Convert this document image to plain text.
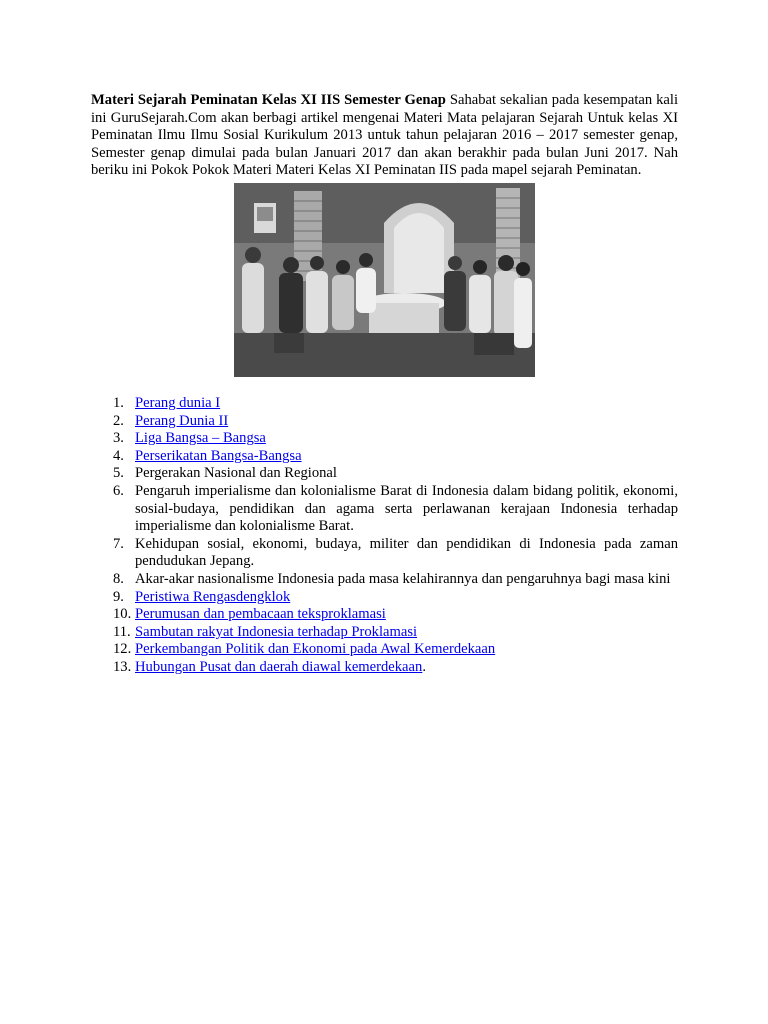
Materi Sejarah Peminatan Kelas XI IIS Semester Genap Sahabat sekalian pada kesempatan kali ini GuruSejarah.Com akan berbagi artikel mengenai Materi Mata pelajaran Sejarah Untuk kelas XI Peminatan Ilmu Ilmu Sosial Kurikulum 2013 untuk tahun pelajaran 2016 – 2017 semester genap, Semester genap dimulai pada bulan Januari 2017 dan akan berakhir pada bulan Juni 2017. Nah beriku ini Pokok Pokok Materi Materi Kelas XI Peminatan IIS pada mapel sejarah Peminatan.

1. Perang dunia I
2. Perang Dunia II
3. Liga Bangsa – Bangsa
4. Perserikatan Bangsa-Bangsa
5. Pergerakan Nasional dan Regional
6. Pengaruh imperialisme dan kolonialisme Barat di Indonesia dalam bidang politik, ekonomi, sosial-budaya, pendidikan dan agama serta perlawanan kerajaan Indonesia terhadap imperialisme dan kolonialisme Barat.
7. Kehidupan sosial, ekonomi, budaya, militer dan pendidikan di Indonesia pada zaman pendudukan Jepang.
8. Akar-akar nasionalisme Indonesia pada masa kelahirannya dan pengaruhnya bagi masa kini
9. Peristiwa Rengasdengklok
10. Perumusan dan pembacaan teksproklamasi
11. Sambutan rakyat Indonesia terhadap Proklamasi
12. Perkembangan Politik dan Ekonomi pada Awal Kemerdekaan
13. Hubungan Pusat dan daerah diawal kemerdekaan.
